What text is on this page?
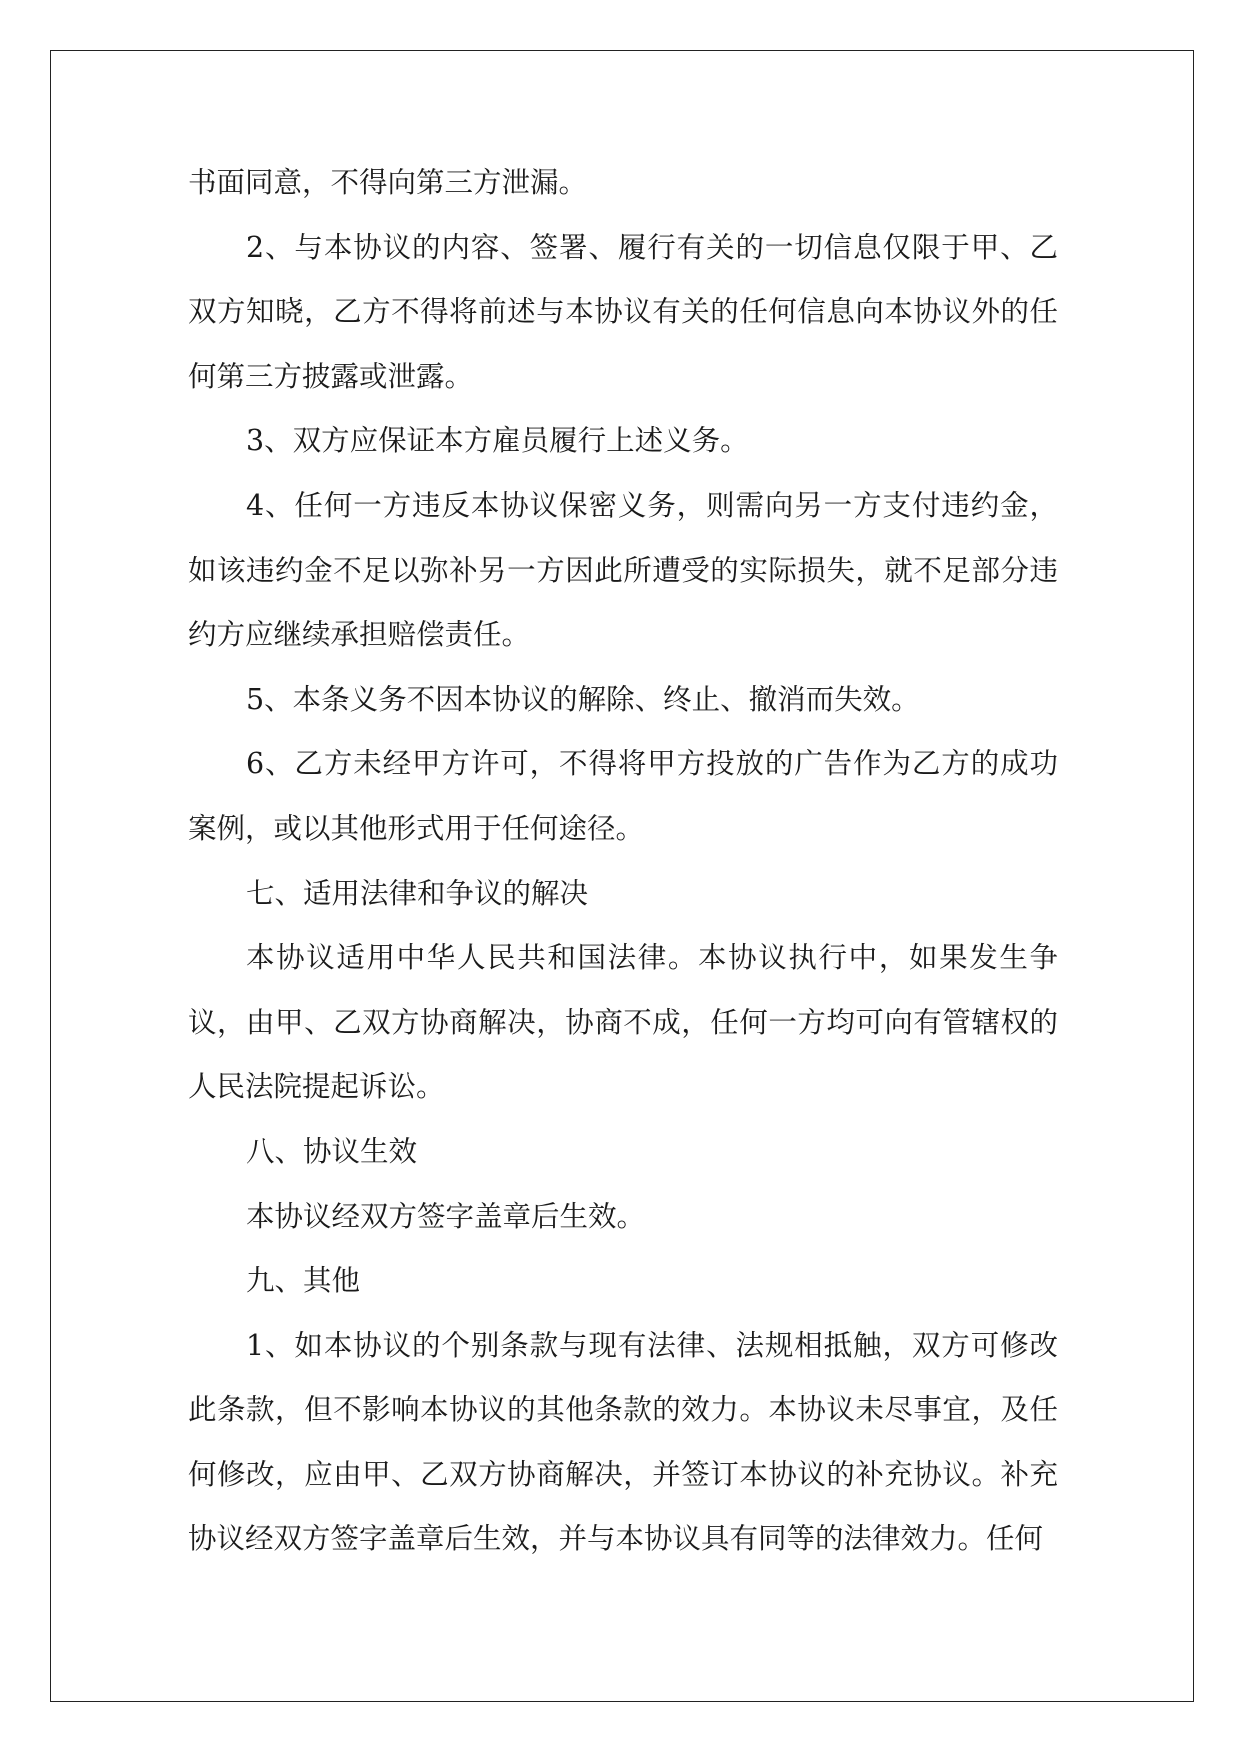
书面同意，不得向第三方泄漏。

2、与本协议的内容、签署、履行有关的一切信息仅限于甲、乙双方知晓，乙方不得将前述与本协议有关的任何信息向本协议外的任何第三方披露或泄露。

3、双方应保证本方雇员履行上述义务。

4、任何一方违反本协议保密义务，则需向另一方支付违约金，如该违约金不足以弥补另一方因此所遭受的实际损失，就不足部分违约方应继续承担赔偿责任。

5、本条义务不因本协议的解除、终止、撤消而失效。

6、乙方未经甲方许可，不得将甲方投放的广告作为乙方的成功案例，或以其他形式用于任何途径。

七、适用法律和争议的解决

本协议适用中华人民共和国法律。本协议执行中，如果发生争议，由甲、乙双方协商解决，协商不成，任何一方均可向有管辖权的人民法院提起诉讼。

八、协议生效

本协议经双方签字盖章后生效。

九、其他

1、如本协议的个别条款与现有法律、法规相抵触，双方可修改此条款，但不影响本协议的其他条款的效力。本协议未尽事宜，及任何修改，应由甲、乙双方协商解决，并签订本协议的补充协议。补充协议经双方签字盖章后生效，并与本协议具有同等的法律效力。任何
